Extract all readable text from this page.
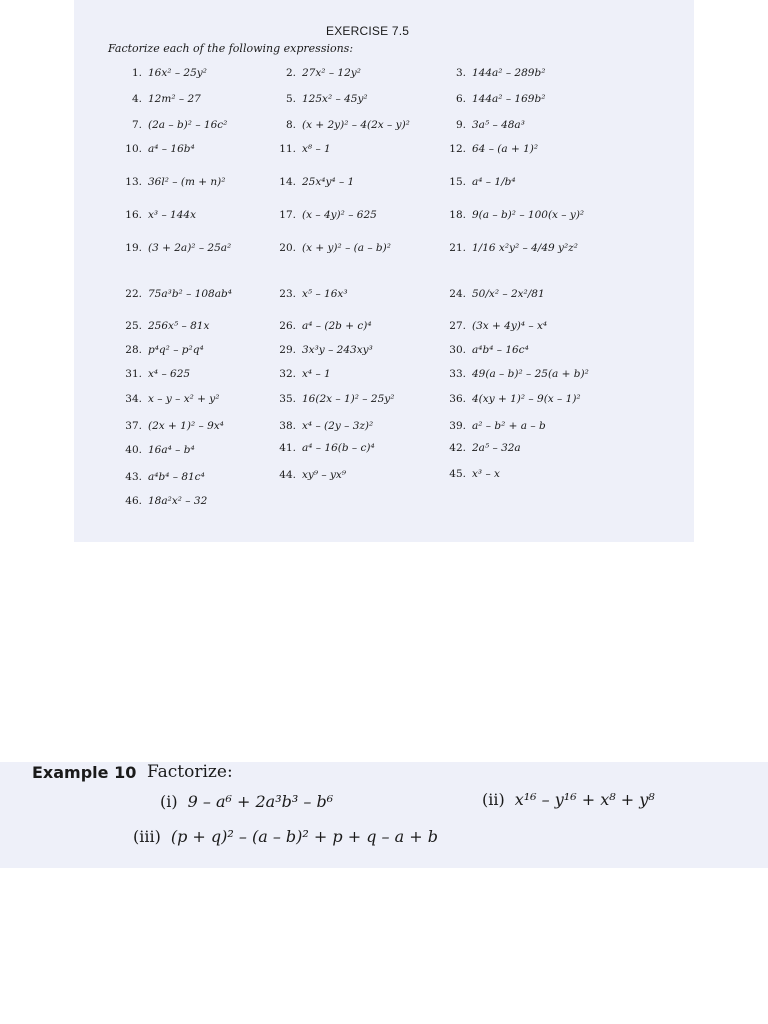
EXERCISE 7.5
Factorize each of the following expressions:
1. 16x² – 25y²	2. 27x² – 12y²	3. 144a² – 289b²
4. 12m² – 27	5. 125x² – 45y²	6. 144a² – 169b²
7. (2a – b)² – 16c²	8. (x + 2y)² – 4(2x – y)²	9. 3a⁵ – 48a³
10. a⁴ – 16b⁴	11. x⁸ – 1	12. 64 – (a + 1)²
13. 36l² – (m + n)²	14. 25x⁴y⁴ – 1	15. a⁴ – 1/b⁴
16. x³ – 144x	17. (x – 4y)² – 625	18. 9(a – b)² – 100(x – y)²
19. (3 + 2a)² – 25a²	20. (x + y)² – (a – b)²	21. 1/16 x²y² – 4/49 y²z²
22. 75a³b² – 108ab⁴	23. x⁵ – 16x³	24. 50/x² – 2x²/81
25. 256x⁵ – 81x	26. a⁴ – (2b + c)⁴	27. (3x + 4y)⁴ – x⁴
28. p⁴q² – p²q⁴	29. 3x³y – 243xy³	30. a⁴b⁴ – 16c⁴
31. x⁴ – 625	32. x⁴ – 1	33. 49(a – b)² – 25(a + b)²
34. x – y – x² + y²	35. 16(2x – 1)² – 25y²	36. 4(xy + 1)² – 9(x – 1)²
37. (2x + 1)² – 9x⁴	38. x⁴ – (2y – 3z)²	39. a² – b² + a – b
40. 16a⁴ – b⁴	41. a⁴ – 16(b – c)⁴	42. 2a⁵ – 32a
43. a⁴b⁴ – 81c⁴	44. xy⁹ – yx⁹	45. x³ – x
46. 18a²x² – 32
Example 10 Factorize:
(i) 9 – a⁶ + 2a³b³ – b⁶	(ii) x¹⁶ – y¹⁶ + x⁸ + y⁸
(iii) (p + q)² – (a – b)² + p + q – a + b
